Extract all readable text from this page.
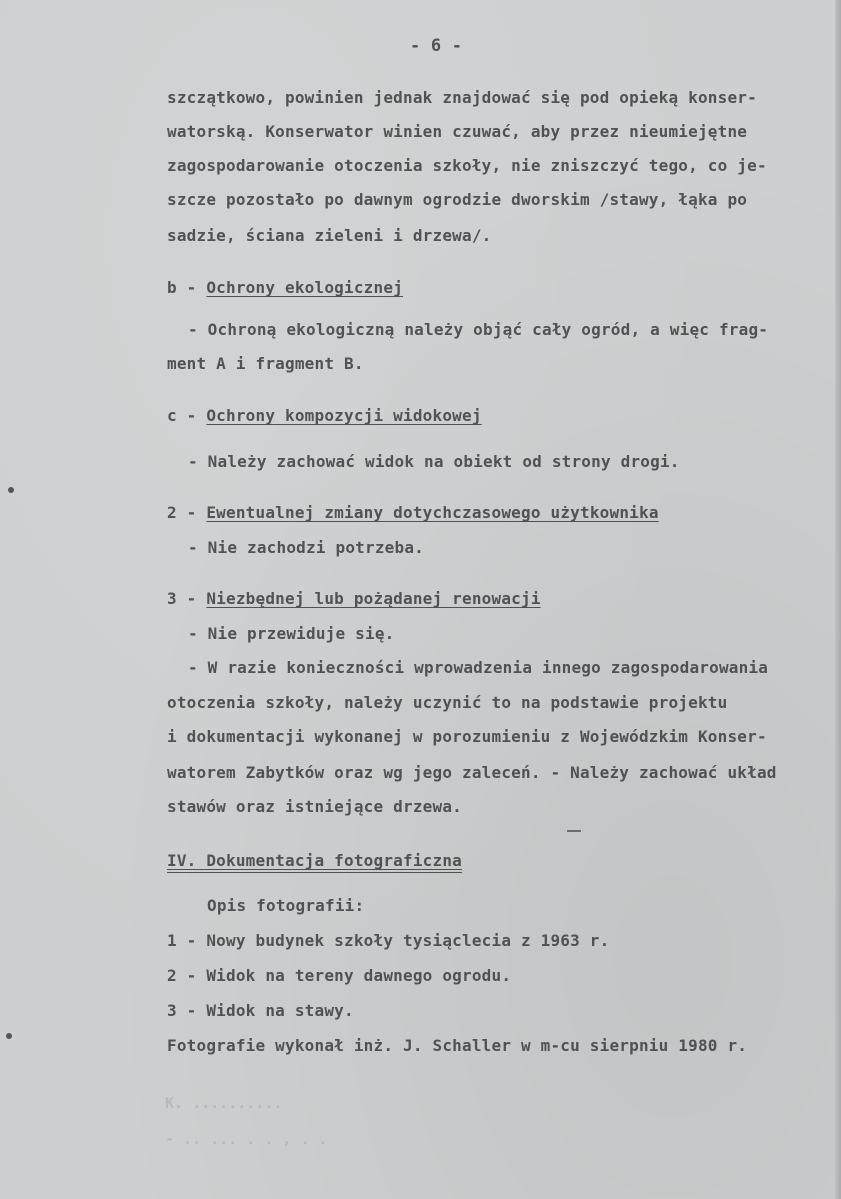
- 6 -
szczątkowo, powinien jednak znajdować się pod opieką konser-
watorską. Konserwator winien czuwać, aby przez nieumiejętne
zagospodarowanie otoczenia szkoły, nie zniszczyć tego, co je-
szcze pozostało po dawnym ogrodzie dworskim /stawy, łąka po
sadzie, ściana zieleni i drzewa/.
b - Ochrony ekologicznej
- Ochroną ekologiczną należy objąć cały ogród, a więc frag-
ment A i fragment B.
c - Ochrony kompozycji widokowej
- Należy zachować widok na obiekt od strony drogi.
2 - Ewentualnej zmiany dotychczasowego użytkownika
- Nie zachodzi potrzeba.
3 - Niezbędnej lub pożądanej renowacji
- Nie przewiduje się.
- W razie konieczności wprowadzenia innego zagospodarowania
otoczenia szkoły, należy uczynić to na podstawie projektu
i dokumentacji wykonanej w porozumieniu z Wojewódzkim Konser-
watorem Zabytków oraz wg jego zaleceń. - Należy zachować układ
stawów oraz istniejące drzewa.
IV. Dokumentacja fotograficzna
Opis fotografii:
1 - Nowy budynek szkoły tysiąclecia z 1963 r.
2 - Widok na tereny dawnego ogrodu.
3 - Widok na stawy.
Fotografie wykonał inż. J. Schaller w m-cu sierpniu 1980 r.
K. ..........
- .. ... . . , . .
